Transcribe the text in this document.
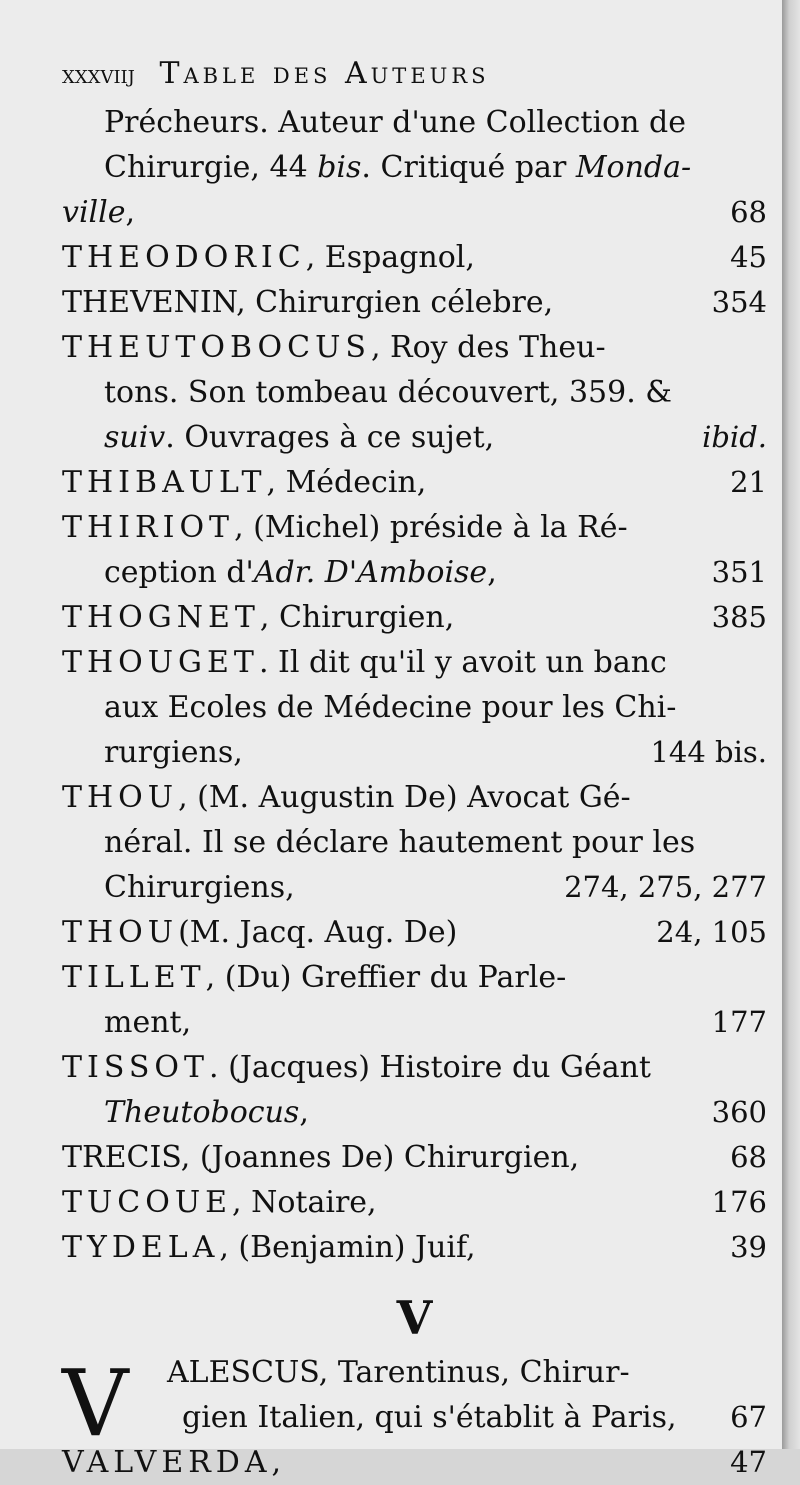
xxxviij Table des Auteurs
Précheurs. Auteur d'une Collection de
Chirurgie, 44 bis. Critiqué par Monda-
ville,	68
THEODORIC, Espagnol,	45
THEVENIN, Chirurgien célebre,	354
THEUTOBOCUS, Roy des Theu-
tons. Son tombeau découvert, 359. &
suiv. Ouvrages à ce sujet,	ibid.
THIBAULT, Médecin,	21
THIRIOT, (Michel) préside à la Ré-
ception d'Adr. D'Amboise,	351
THOGNET, Chirurgien,	385
THOUGET. Il dit qu'il y avoit un banc
aux Ecoles de Médecine pour les Chi-
rurgiens,	144 bis.
THOU, (M. Augustin De) Avocat Gé-
néral. Il se déclare hautement pour les
Chirurgiens,	274, 275, 277
THOU(M. Jacq. Aug. De)	24, 105
TILLET, (Du) Greffier du Parle-
ment,	177
TISSOT. (Jacques) Histoire du Géant
Theutobocus,	360
TRECIS, (Joannes De) Chirurgien,	68
TUCOUE, Notaire,	176
TYDELA, (Benjamin) Juif,	39
V
V	ALESCUS, Tarentinus, Chirur-
gien Italien, qui s'établit à Paris,	67
VALVERDA,	47
